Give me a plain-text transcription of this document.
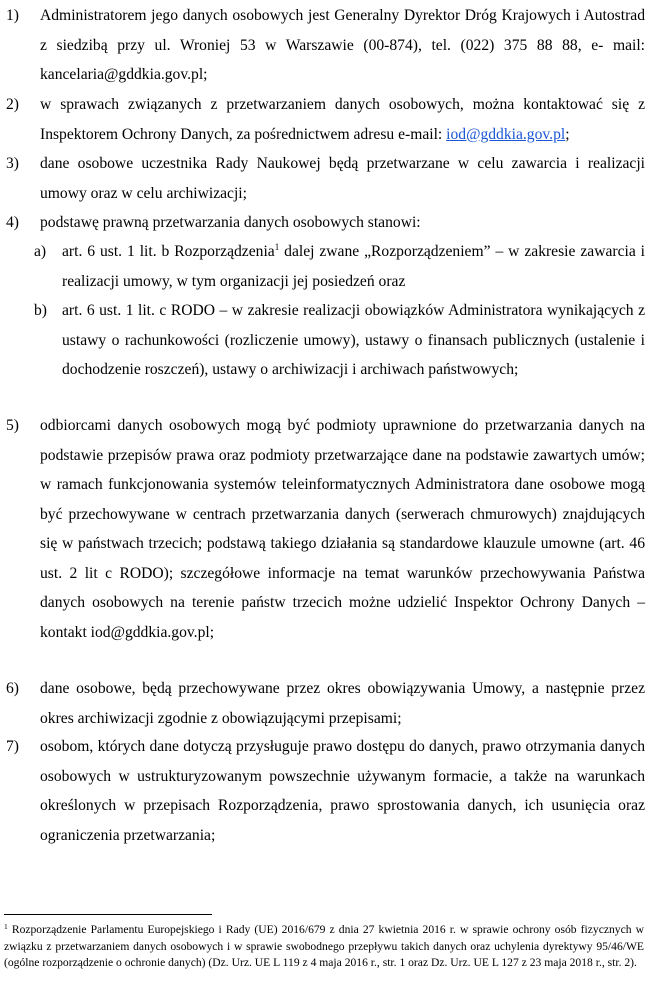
1) Administratorem jego danych osobowych jest Generalny Dyrektor Dróg Krajowych i Autostrad z siedzibą przy ul. Wroniej 53 w Warszawie (00-874), tel. (022) 375 88 88, e- mail: kancelaria@gddkia.gov.pl;
2) w sprawach związanych z przetwarzaniem danych osobowych, można kontaktować się z Inspektorem Ochrony Danych, za pośrednictwem adresu e-mail: iod@gddkia.gov.pl;
3) dane osobowe uczestnika Rady Naukowej będą przetwarzane w celu zawarcia i realizacji umowy oraz w celu archiwizacji;
4) podstawę prawną przetwarzania danych osobowych stanowi:
a) art. 6 ust. 1 lit. b Rozporządzenia$^1$ dalej zwane „Rozporządzeniem” – w zakresie zawarcia i realizacji umowy, w tym organizacji jej posiedzeń oraz
b) art. 6 ust. 1 lit. c RODO – w zakresie realizacji obowiązków Administratora wynikających z ustawy o rachunkowości (rozliczenie umowy), ustawy o finansach publicznych (ustalenie i dochodzenie roszczeń), ustawy o archiwizacji i archiwach państwowych;
5) odbiorcami danych osobowych mogą być podmioty uprawnione do przetwarzania danych na podstawie przepisów prawa oraz podmioty przetwarzające dane na podstawie zawartych umów; w ramach funkcjonowania systemów teleinformatycznych Administratora dane osobowe mogą być przechowywane w centrach przetwarzania danych (serwerach chmurowych) znajdujących się w państwach trzecich; podstawą takiego działania są standardowe klauzule umowne (art. 46 ust. 2 lit c RODO); szczegółowe informacje na temat warunków przechowywania Państwa danych osobowych na terenie państw trzecich możne udzielić Inspektor Ochrony Danych – kontakt iod@gddkia.gov.pl;
6) dane osobowe, będą przechowywane przez okres obowiązywania Umowy, a następnie przez okres archiwizacji zgodnie z obowiązującymi przepisami;
7) osobom, których dane dotyczą przysługuje prawo dostępu do danych, prawo otrzymania danych osobowych w ustrukturyzowanym powszechnie używanym formacie, a także na warunkach określonych w przepisach Rozporządzenia, prawo sprostowania danych, ich usunięcia oraz ograniczenia przetwarzania;
$^1$ Rozporządzenie Parlamentu Europejskiego i Rady (UE) 2016/679 z dnia 27 kwietnia 2016 r. w sprawie ochrony osób fizycznych w związku z przetwarzaniem danych osobowych i w sprawie swobodnego przepływu takich danych oraz uchylenia dyrektywy 95/46/WE (ogólne rozporządzenie o ochronie danych) (Dz. Urz. UE L 119 z 4 maja 2016 r., str. 1 oraz Dz. Urz. UE L 127 z 23 maja 2018 r., str. 2).
